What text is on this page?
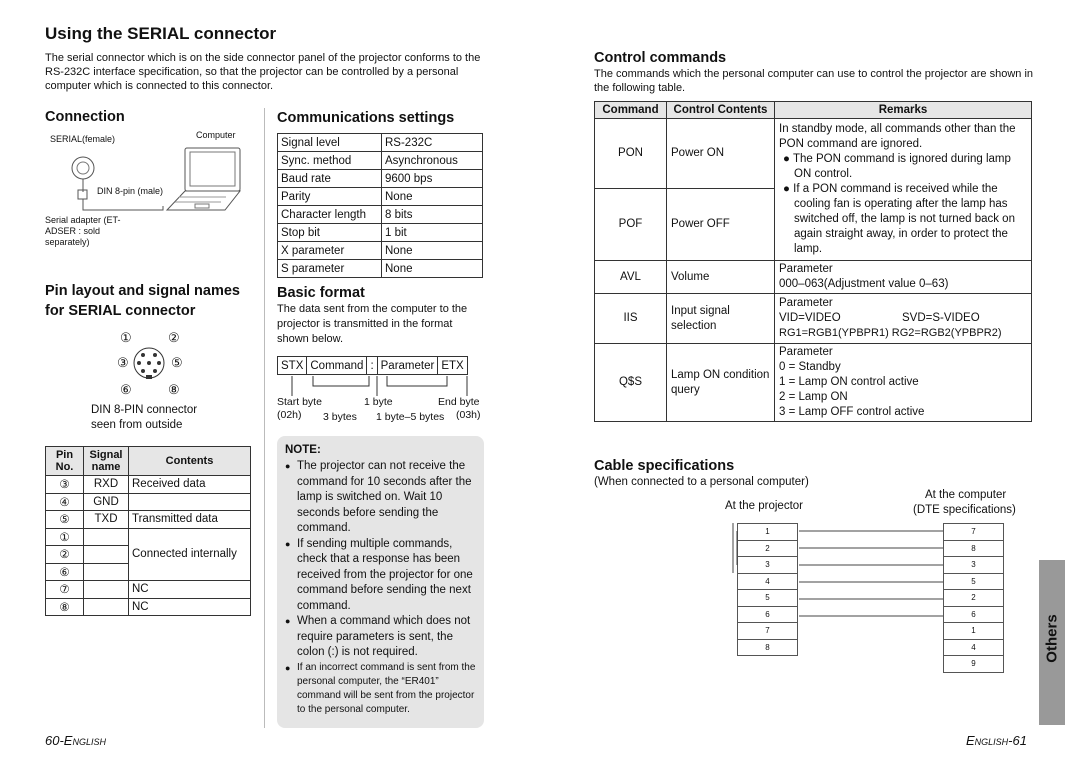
Using the SERIAL connector

The serial connector which is on the side connector panel of the projector conforms to the RS-232C interface specification, so that the projector can be controlled by a personal computer which is connected to this connector.

Connection
SERIAL(female)	Computer
DIN 8-pin (male)
Serial adapter (ET-ADSER : sold separately)
Pin layout and signal names
for SERIAL connector
①	②
③	⑤
⑥	⑧
DIN 8-PIN connector
seen from outside
Pin No.	Signal name	Contents
③	RXD	Received data
④	GND	
⑤	TXD	Transmitted data
①		Connected internally
②		
⑥		
⑦		NC
⑧		NC
Communications settings
Signal level	RS-232C
Sync. method	Asynchronous
Baud rate	9600 bps
Parity	None
Character length	8 bits
Stop bit	1 bit
X parameter	None
S parameter	None
Basic format

The data sent from the computer to the projector is transmitted in the format shown below.

STX	Command	:	Parameter	ETX
Start byte
(02h)
1 byte
3 bytes 1 byte–5 bytes
End byte
(03h)
NOTE:
● The projector can not receive the command for 10 seconds after the lamp is switched on. Wait 10 seconds before sending the command.
● If sending multiple commands, check that a response has been received from the projector for one command before sending the next command.
● When a command which does not require parameters is sent, the colon (:) is not required.
● If an incorrect command is sent from the personal computer, the “ER401” command will be sent from the projector to the personal computer.
Control commands

The commands which the personal computer can use to control the projector are shown in the following table.

Command	Control Contents	Remarks
PON	Power ON	In standby mode, all commands other than the PON command are ignored.
● The PON command is ignored during lamp ON control.
● If a PON command is received while the cooling fan is operating after the lamp has switched off, the lamp is not turned back on again straight away, in order to protect the lamp.

POF	Power OFF	
AVL	Volume	Parameter
000–063(Adjustment value 0–63)

IIS	Input signal selection	Parameter
VID=VIDEO SVD=S-VIDEO
RG1=RGB1(YPBPR1) RG2=RGB2(YPBPR2)

Q$S	Lamp ON condition query	Parameter
0 = Standby
1 = Lamp ON control active
2 = Lamp ON
3 = Lamp OFF control active
Cable specifications

(When connected to a personal computer)

At the projector
At the computer
(DTE specifications)
1
2
3
4
5
6
7
8
7
8
3
5
2
6
1
4
9
Others
60-English	English-61
